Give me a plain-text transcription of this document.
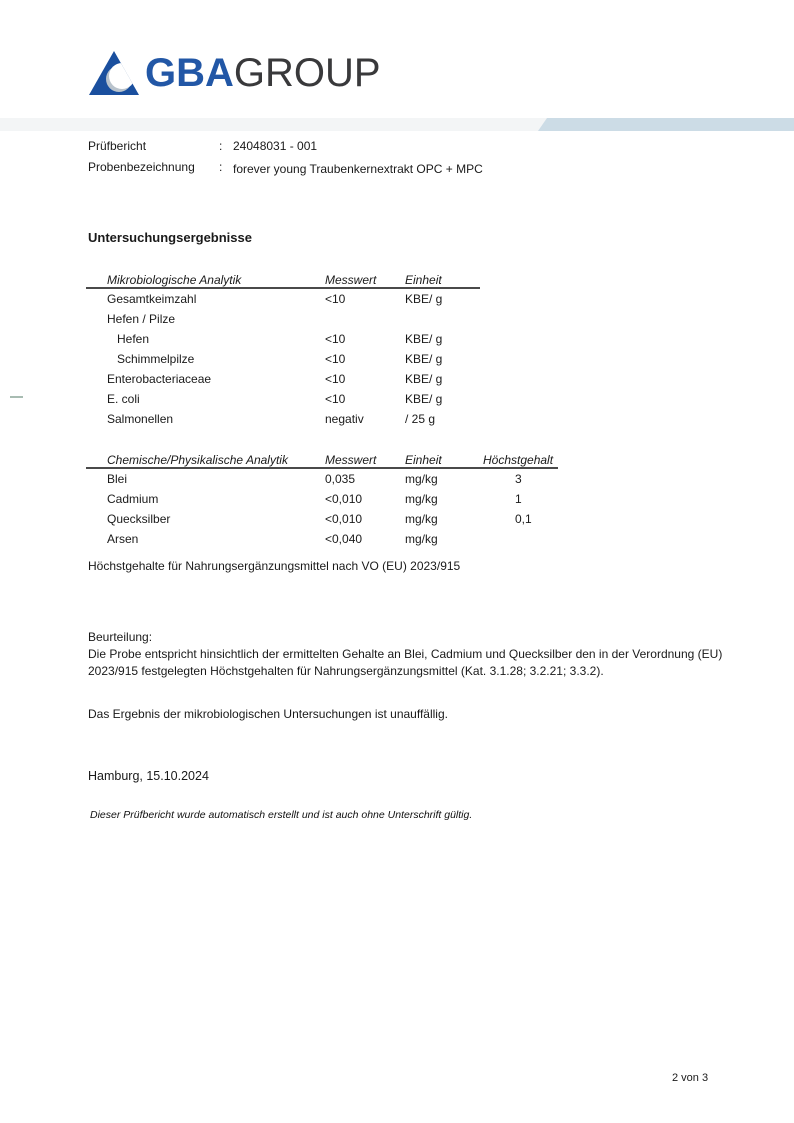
GBAGROUP
Prüfbericht	: 24048031 - 001
Probenbezeichnung	: forever young Traubenkernextrakt OPC + MPC
Untersuchungsergebnisse
Mikrobiologische Analytik	Messwert Einheit
Gesamtkeimzahl	<10	KBE/ g
Hefen / Pilze
Hefen	<10	KBE/ g
Schimmelpilze	<10	KBE/ g
Enterobacteriaceae	<10	KBE/ g
E. coli	<10	KBE/ g
Salmonellen	negativ	/ 25 g
Chemische/Physikalische Analytik	Messwert Einheit	Höchstgehalt
Blei	0,035	mg/kg	3
Cadmium	<0,010	mg/kg	1
Quecksilber	<0,010	mg/kg	0,1
Arsen	<0,040	mg/kg
Höchstgehalte für Nahrungsergänzungsmittel nach VO (EU) 2023/915
Beurteilung:
Die Probe entspricht hinsichtlich der ermittelten Gehalte an Blei, Cadmium und Quecksilber den in der Verordnung (EU) 2023/915 festgelegten Höchstgehalten für Nahrungsergänzungsmittel (Kat. 3.1.28; 3.2.21; 3.3.2).
Das Ergebnis der mikrobiologischen Untersuchungen ist unauffällig.
Hamburg, 15.10.2024
Dieser Prüfbericht wurde automatisch erstellt und ist auch ohne Unterschrift gültig.
2 von 3
